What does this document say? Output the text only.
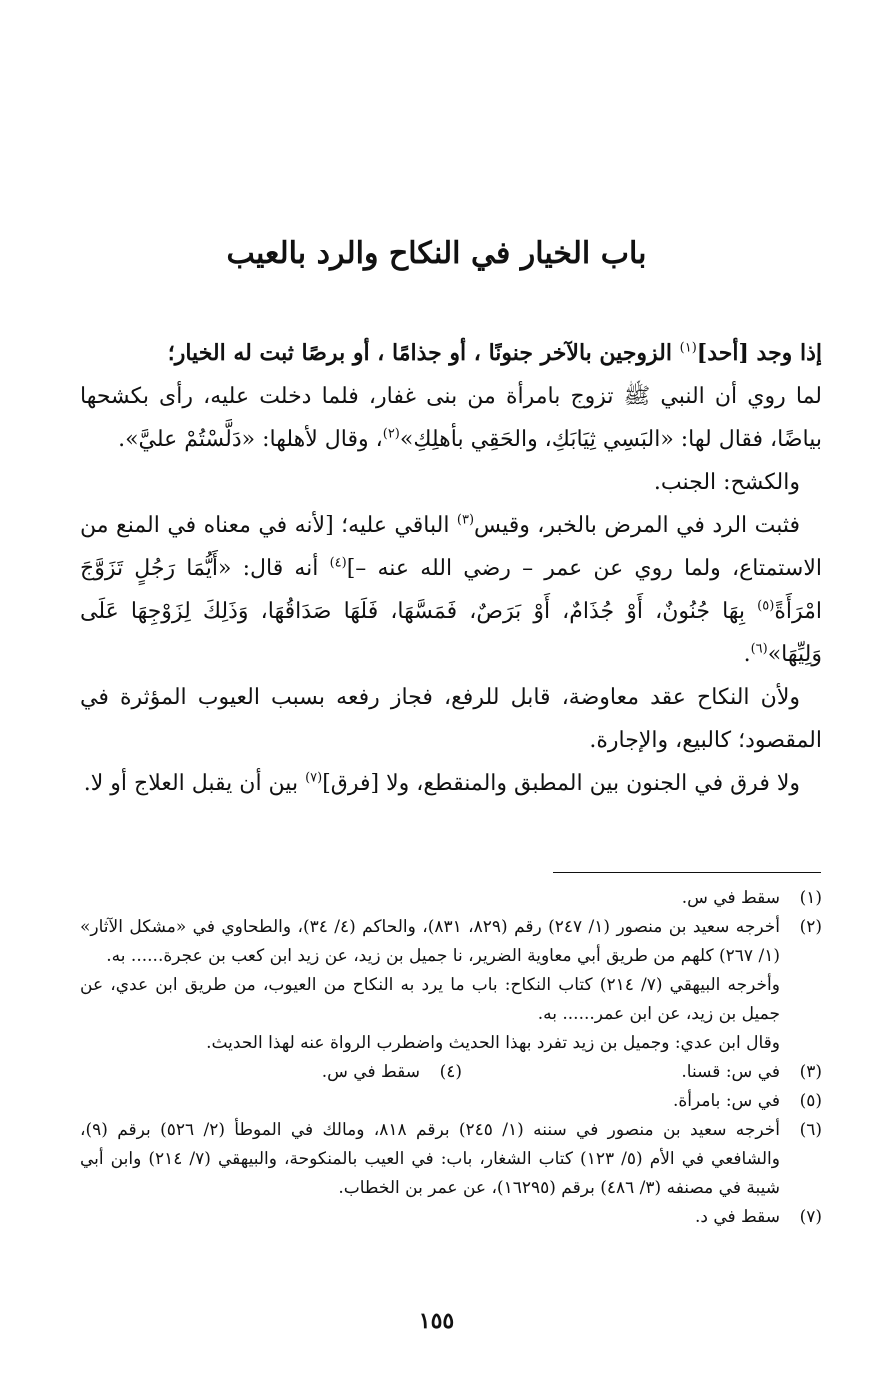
باب الخيار في النكاح والرد بالعيب

إذا وجد [أحد]$^{(١)}$ الزوجين بالآخر جنونًا ، أو جذامًا ، أو برصًا ثبت له الخيار؛

لما روي أن النبي ﷺ تزوج بامرأة من بنى غفار، فلما دخلت عليه، رأى بكشحها بياضًا، فقال لها: «البَسِي ثِيَابَكِ، والحَقِي بأهلِكِ»$^{(٢)}$، وقال لأهلها: «دَلَّسْتُمْ عليَّ».

والكشح: الجنب.

فثبت الرد في المرض بالخبر، وقيس$^{(٣)}$ الباقي عليه؛ [لأنه في معناه في المنع من الاستمتاع، ولما روي عن عمر – رضي الله عنه –]$^{(٤)}$ أنه قال: «أَيُّمَا رَجُلٍ تَزَوَّجَ امْرَأَةً$^{(٥)}$ بِهَا جُنُونٌ، أَوْ جُذَامٌ، أَوْ بَرَصٌ، فَمَسَّهَا، فَلَهَا صَدَاقُهَا، وَذَلِكَ لِزَوْجِهَا عَلَى وَلِيِّهَا»$^{(٦)}$.

ولأن النكاح عقد معاوضة، قابل للرفع، فجاز رفعه بسبب العيوب المؤثرة في المقصود؛ كالبيع، والإجارة.

ولا فرق في الجنون بين المطبق والمنقطع، ولا [فرق]$^{(٧)}$ بين أن يقبل العلاج أو لا.

(١)
سقط في س.
(٢)
أخرجه سعيد بن منصور (١/ ٢٤٧) رقم (٨٢٩، ٨٣١)، والحاكم (٤/ ٣٤)، والطحاوي في «مشكل الآثار» (١/ ٢٦٧) كلهم من طريق أبي معاوية الضرير، نا جميل بن زيد، عن زيد ابن كعب بن عجرة...... به.
وأخرجه البيهقي (٧/ ٢١٤) كتاب النكاح: باب ما يرد به النكاح من العيوب، من طريق ابن عدي، عن جميل بن زيد، عن ابن عمر...... به.
وقال ابن عدي: وجميل بن زيد تفرد بهذا الحديث واضطرب الرواة عنه لهذا الحديث.
(٣)
في س: قسنا.
(٤)
سقط في س.
(٥)
في س: بامرأة.
(٦)
أخرجه سعيد بن منصور في سننه (١/ ٢٤٥) برقم ٨١٨، ومالك في الموطأ (٢/ ٥٢٦) برقم (٩)، والشافعي في الأم (٥/ ١٢٣) كتاب الشغار، باب: في العيب بالمنكوحة، والبيهقي (٧/ ٢١٤) وابن أبي شيبة في مصنفه (٣/ ٤٨٦) برقم (١٦٢٩٥)، عن عمر بن الخطاب.
(٧)
سقط في د.
١٥٥
